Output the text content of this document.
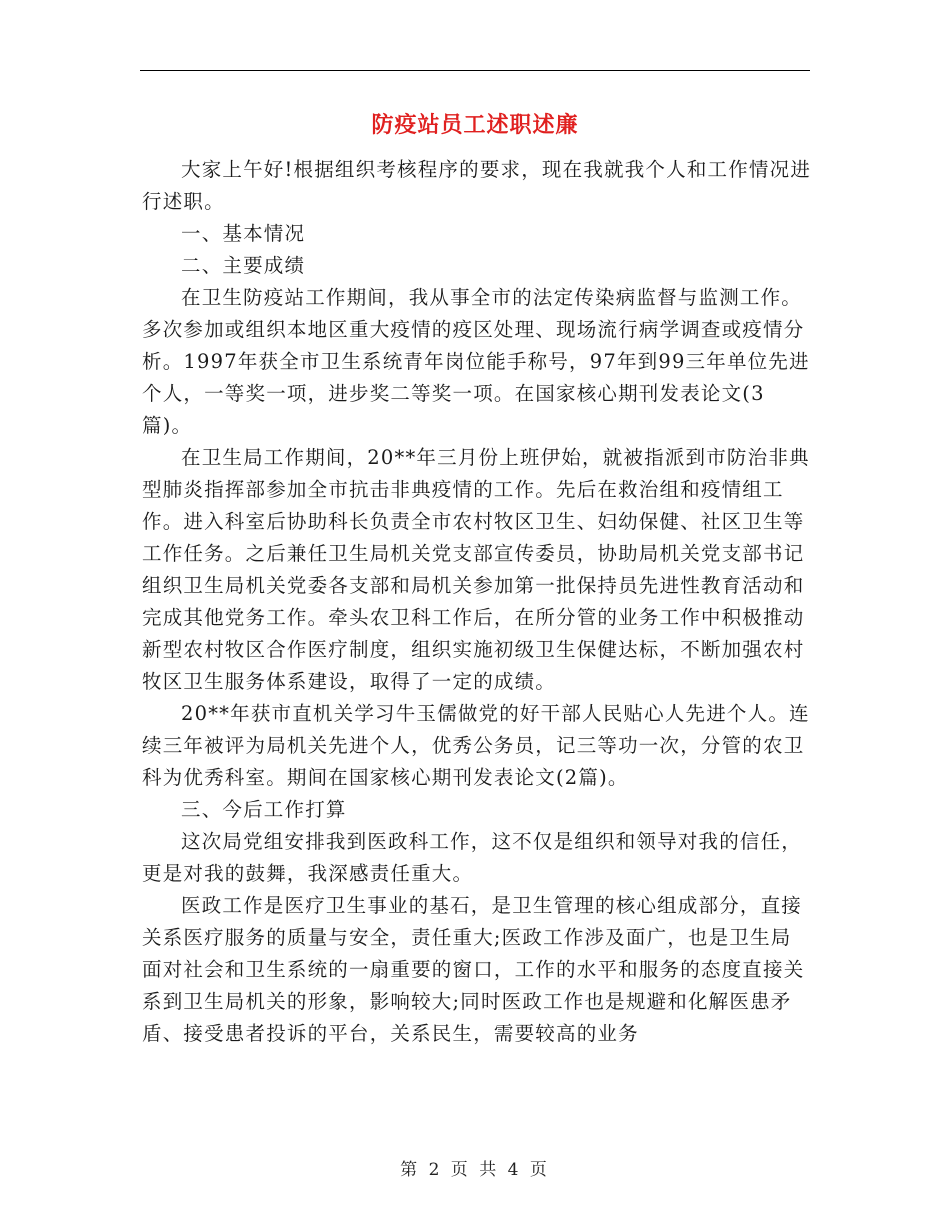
防疫站员工述职述廉

大家上午好!根据组织考核程序的要求，现在我就我个人和工作情况进行述职。

一、基本情况

二、主要成绩

在卫生防疫站工作期间，我从事全市的法定传染病监督与监测工作。多次参加或组织本地区重大疫情的疫区处理、现场流行病学调查或疫情分析。1997年获全市卫生系统青年岗位能手称号，97年到99三年单位先进个人，一等奖一项，进步奖二等奖一项。在国家核心期刊发表论文(3篇)。

在卫生局工作期间，20**年三月份上班伊始，就被指派到市防治非典型肺炎指挥部参加全市抗击非典疫情的工作。先后在救治组和疫情组工作。进入科室后协助科长负责全市农村牧区卫生、妇幼保健、社区卫生等工作任务。之后兼任卫生局机关党支部宣传委员，协助局机关党支部书记组织卫生局机关党委各支部和局机关参加第一批保持员先进性教育活动和完成其他党务工作。牵头农卫科工作后，在所分管的业务工作中积极推动新型农村牧区合作医疗制度，组织实施初级卫生保健达标，不断加强农村牧区卫生服务体系建设，取得了一定的成绩。

20**年获市直机关学习牛玉儒做党的好干部人民贴心人先进个人。连续三年被评为局机关先进个人，优秀公务员，记三等功一次，分管的农卫科为优秀科室。期间在国家核心期刊发表论文(2篇)。

三、今后工作打算

这次局党组安排我到医政科工作，这不仅是组织和领导对我的信任，更是对我的鼓舞，我深感责任重大。

医政工作是医疗卫生事业的基石，是卫生管理的核心组成部分，直接关系医疗服务的质量与安全，责任重大;医政工作涉及面广，也是卫生局面对社会和卫生系统的一扇重要的窗口，工作的水平和服务的态度直接关系到卫生局机关的形象，影响较大;同时医政工作也是规避和化解医患矛盾、接受患者投诉的平台，关系民生，需要较高的业务

第 2 页 共 4 页
